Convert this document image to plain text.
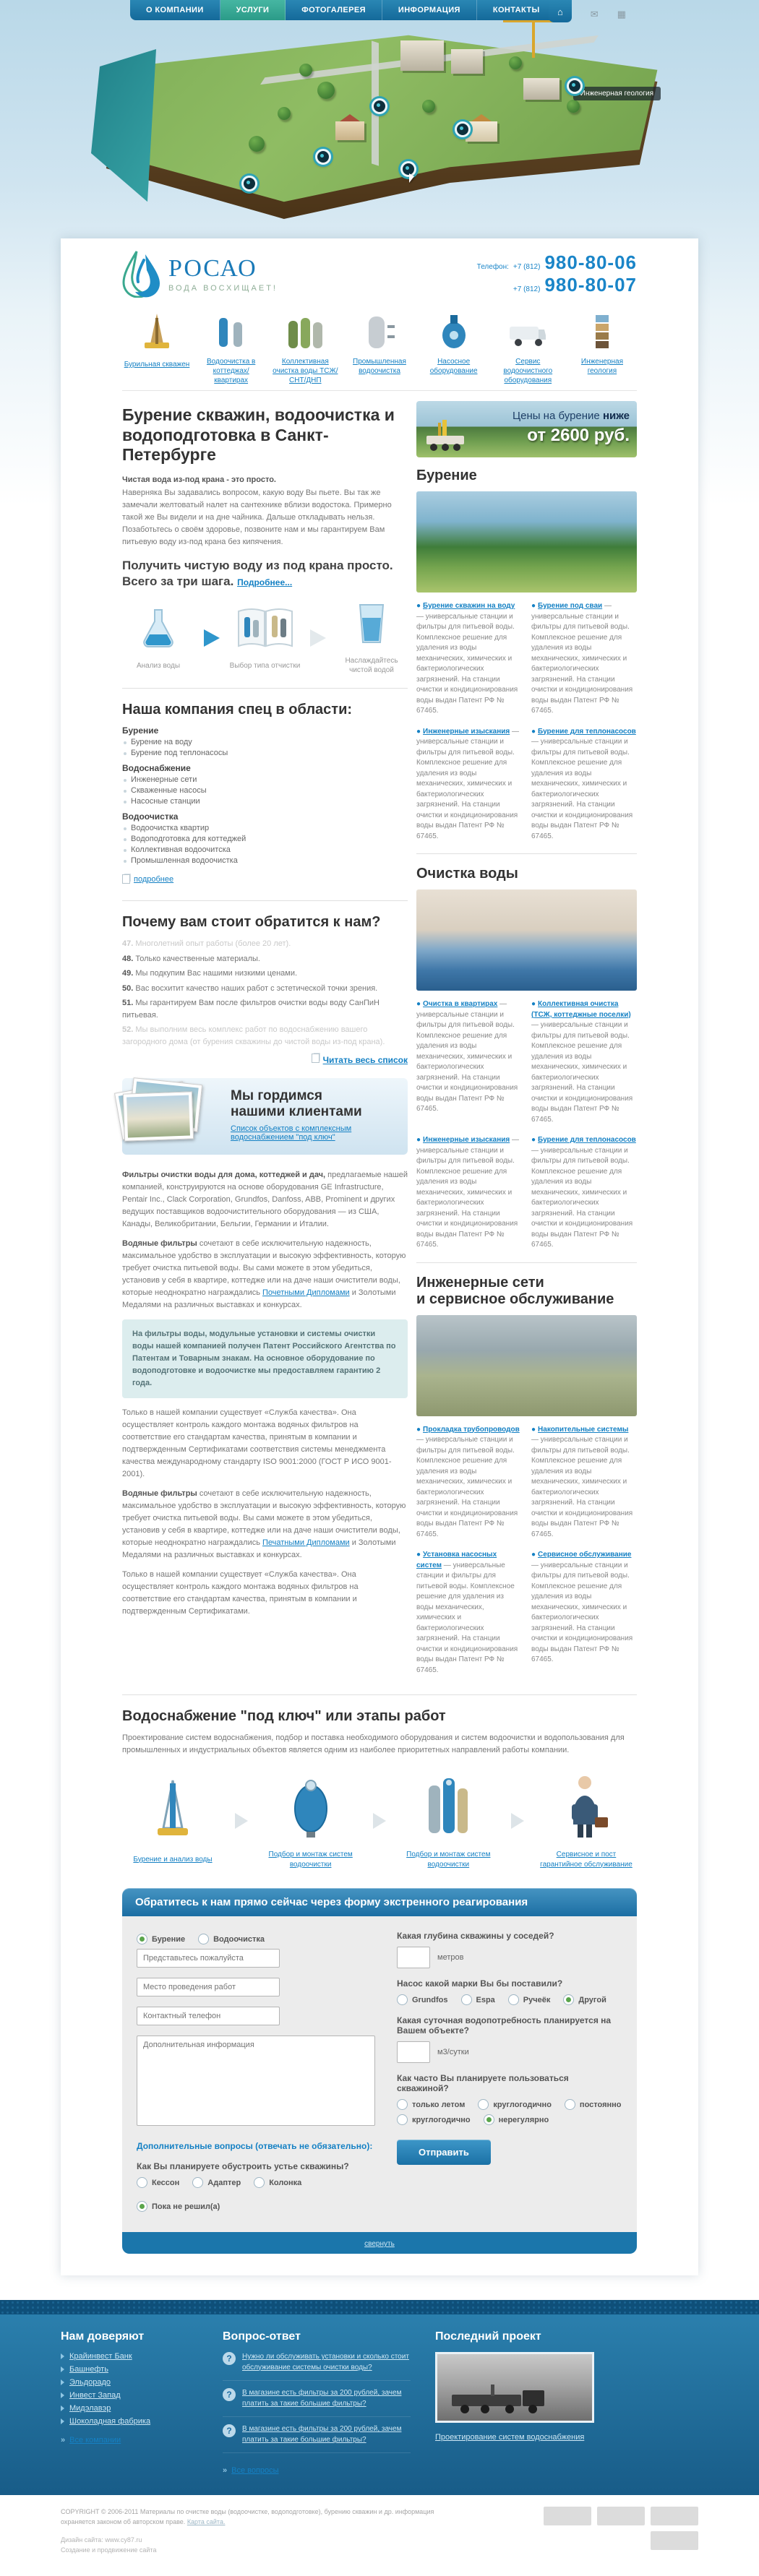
О КОМПАНИИ	УСЛУГИ	ФОТОГАЛЕРЕЯ	ИНФОРМАЦИЯ	КОНТАКТЫ	⌂	✉ ▦
Инженерная геология
РОСАО
ВОДА ВОСХИЩАЕТ!
Телефон: +7 (812) 980-80-06
+7 (812) 980-80-07
Бурильная скважен	Водоочистка в коттеджах/квартирах
Коллективная очистка воды ТСЖ/СНТ/ДНП
Промышленная водоочистка
Насосное оборудование
Сервис водоочистного оборудования
Инженерная геология
Бурение скважин, водоочистка и водоподготовка в Санкт-Петербурге

Чистая вода из-под крана - это просто.

Наверняка Вы задавались вопросом, какую воду Вы пьете. Вы так же замечали желтоватый налет на сантехнике вблизи водостока. Примерно такой же Вы видели и на дне чайника. Дальше откладывать нельзя. Позаботьтесь о своём здоровье, позвоните нам и мы гарантируем Вам питьевую воду из-под крана без кипячения.

Получить чистую воду из под крана просто.
Всего за три шага. Подробнее...
Анализ воды	Выбор типа отчистки
Наслаждайтесь чистой водой
Наша компания спец в области:
Бурение
Бурение на воду
Бурение под теплонасосы
Водоснабжение
Инженерные сети
Скваженные насосы
Насосные станции
Водоочистка
Водоочистка квартир
Водоподготовка для коттеджей
Коллективная водоочитска
Промышленная водоочистка
подробнее
Почему вам стоит обратится к нам?
47. Многолетний опыт работы (более 20 лет).
48. Только качественные материалы.
49. Мы подкупим Вас нашими низкими ценами.
50. Вас восхитит качество наших работ с эстетической точки зрения.
51. Мы гарантируем Вам после фильтров очистки воды воду СанПиН питьевая.
52. Мы выполним весь комплекс работ по водоснабжению вашего загородного дома (от бурения скважины до чистой воды из-под крана).
Читать весь список
Мы гордимся
нашими клиентами
Список объектов с комплексным водоснабжением "под ключ"

Фильтры очистки воды для дома, коттеджей и дач, предлагаемые нашей компанией, конструируются на основе оборудования GE Infrastructure, Pentair Inc., Clack Corporation, Grundfos, Danfoss, ABB, Prominent и других ведущих поставщиков водоочистительного оборудования — из США, Канады, Великобритании, Бельгии, Германии и Италии.

Водяные фильтры сочетают в себе исключительную надежность, максимальное удобство в эксплуатации и высокую эффективность, которую требует очистка питьевой воды. Вы сами можете в этом убедиться, установив у себя в квартире, коттедже или на даче наши очистители воды, которые неоднократно награждались Почетными Дипломами и Золотыми Медалями на различных выставках и конкурсах.

На фильтры воды, модульные установки и системы очистки воды нашей компанией получен Патент Российского Агентства по Патентам и Товарным знакам. На основное оборудование по водоподготовке и водоочистке мы предоставляем гарантию 2 года.

Только в нашей компании существует «Служба качества». Она осуществляет контроль каждого монтажа водяных фильтров на соответствие его стандартам качества, принятым в компании и подтвержденным Сертификатами соответствия системы менеджмента качества международному стандарту ISO 9001:2000 (ГОСТ Р ИСО 9001- 2001).

Водяные фильтры сочетают в себе исключительную надежность, максимальное удобство в эксплуатации и высокую эффективность, которую требует очистка питьевой воды. Вы сами можете в этом убедиться, установив у себя в квартире, коттедже или на даче наши очистители воды, которые неоднократно награждались Печатными Дипломами и Золотыми Медалями на различных выставках и конкурсах.

Только в нашей компании существует «Служба качества». Она осуществляет контроль каждого монтажа водяных фильтров на соответствие его стандартам качества, принятым в компании и подтвержденным Сертификатами.

Цены на бурение ниже
от 2600 руб.
Бурение
● Бурение скважин на воду — универсальные станции и фильтры для питьевой воды. Комплексное решение для удаления из воды механических, химических и бактериологических загрязнений. На станции очистки и кондиционирования воды выдан Патент РФ № 67465.
● Бурение под сваи — универсальные станции и фильтры для питьевой воды. Комплексное решение для удаления из воды механических, химических и бактериологических загрязнений. На станции очистки и кондиционирования воды выдан Патент РФ № 67465.
● Инженерные изыскания — универсальные станции и фильтры для питьевой воды. Комплексное решение для удаления из воды механических, химических и бактериологических загрязнений. На станции очистки и кондиционирования воды выдан Патент РФ № 67465.
● Бурение для теплонасосов — универсальные станции и фильтры для питьевой воды. Комплексное решение для удаления из воды механических, химических и бактериологических загрязнений. На станции очистки и кондиционирования воды выдан Патент РФ № 67465.
Очистка воды
● Очистка в квартирах — универсальные станции и фильтры для питьевой воды. Комплексное решение для удаления из воды механических, химических и бактериологических загрязнений. На станции очистки и кондиционирования воды выдан Патент РФ № 67465.
● Коллективная очистка (ТСЖ, коттеджные поселки) — универсальные станции и фильтры для питьевой воды. Комплексное решение для удаления из воды механических, химических и бактериологических загрязнений. На станции очистки и кондиционирования воды выдан Патент РФ № 67465.
● Инженерные изыскания — универсальные станции и фильтры для питьевой воды. Комплексное решение для удаления из воды механических, химических и бактериологических загрязнений. На станции очистки и кондиционирования воды выдан Патент РФ № 67465.
● Бурение для теплонасосов — универсальные станции и фильтры для питьевой воды. Комплексное решение для удаления из воды механических, химических и бактериологических загрязнений. На станции очистки и кондиционирования воды выдан Патент РФ № 67465.
Инженерные сети
и сервисное обслуживание
● Прокладка трубопроводов — универсальные станции и фильтры для питьевой воды. Комплексное решение для удаления из воды механических, химических и бактериологических загрязнений. На станции очистки и кондиционирования воды выдан Патент РФ № 67465.
● Накопительные системы — универсальные станции и фильтры для питьевой воды. Комплексное решение для удаления из воды механических, химических и бактериологических загрязнений. На станции очистки и кондиционирования воды выдан Патент РФ № 67465.
● Установка насосных систем — универсальные станции и фильтры для питьевой воды. Комплексное решение для удаления из воды механических, химических и бактериологических загрязнений. На станции очистки и кондиционирования воды выдан Патент РФ № 67465.
● Сервисное обслуживание — универсальные станции и фильтры для питьевой воды. Комплексное решение для удаления из воды механических, химических и бактериологических загрязнений. На станции очистки и кондиционирования воды выдан Патент РФ № 67465.
Водоснабжение "под ключ" или этапы работ

Проектирование систем водоснабжения, подбор и поставка необходимого оборудования и систем водоочистки и водопользования для промышленных и индустриальных объектов является одним из наиболее приоритетных направлений работы компании.

Бурение и анализ воды
Подбор и монтаж систем водоочистки
Подбор и монтаж систем водоочистки
Сервисное и пост гарантийное обслуживание
Обратитесь к нам прямо сейчас через форму экстренного реагирования
Бурение	Водоочистка
Представьтесь пожалуйста
Место проведения работ
Контактный телефон Дополнительная информация
Дополнительные вопросы (отвечать не обязательно):
Как Вы планируете обустроить устье скважины?
Кессон	Адаптер	Колонка
Пока не решил(а)
Какая глубина скважины у соседей?
метров
Насос какой марки Вы бы поставили?
Grundfos	Espa	Ручеёк	Другой
Какая суточная водопотребность планируется на Вашем объекте?
м3/сутки
Как часто Вы планируете пользоваться скважиной?
только летом	круглогодично	постоянно
круглогодично	нерегулярно
Отправить
свернуть
Нам доверяют
Крайинвест Банк
Башнефть
Эльдорадо
Инвест Запад
Мидэлавэр
Шоколадная фабрика
» Все компании
Вопрос-ответ
?	Нужно ли обслуживать установки и сколько стоит обслуживание системы очистки воды?
?	В магазине есть фильтры за 200 рублей, зачем платить за такие большие фильтры?
?	В магазине есть фильтры за 200 рублей, зачем платить за такие большие фильтры?
» Все вопросы
Последний проект
Проектирование систем водоснабжения
COPYRIGHT © 2006-2011 Материалы по очистке воды (водоочистке, водоподготовке), бурению скважин и др. информация охраняется законом об авторском праве. Карта сайта.
Дизайн сайта: www.cy87.ru
Создание и продвижение сайта
